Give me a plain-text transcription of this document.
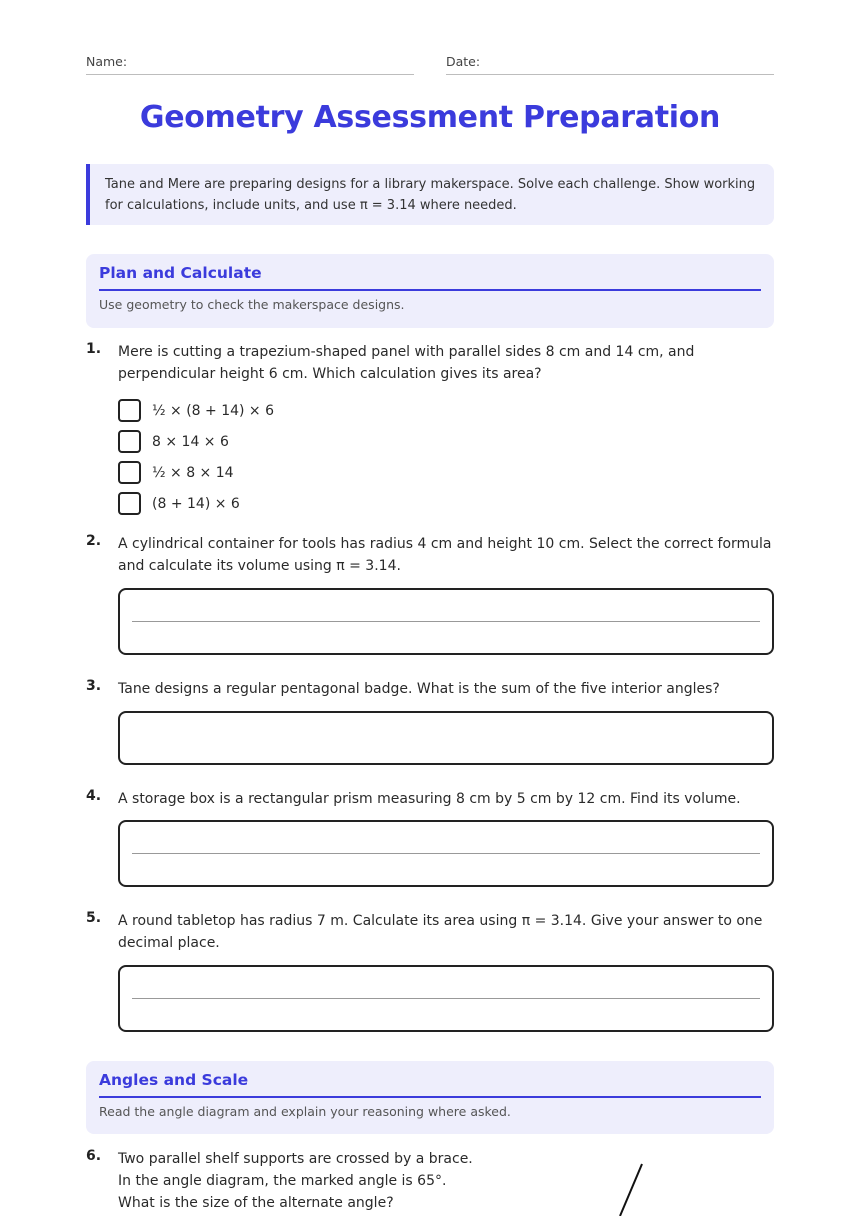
Name:	Date:
Geometry Assessment Preparation
Tane and Mere are preparing designs for a library makerspace. Solve each challenge. Show working for calculations, include units, and use π = 3.14 where needed.
Plan and Calculate
Use geometry to check the makerspace designs.
1. Mere is cutting a trapezium-shaped panel with parallel sides 8 cm and 14 cm, and perpendicular height 6 cm. Which calculation gives its area?
½ × (8 + 14) × 6
8 × 14 × 6
½ × 8 × 14
(8 + 14) × 6
2. A cylindrical container for tools has radius 4 cm and height 10 cm. Select the correct formula and calculate its volume using π = 3.14.
3. Tane designs a regular pentagonal badge. What is the sum of the five interior angles?
4. A storage box is a rectangular prism measuring 8 cm by 5 cm by 12 cm. Find its volume.
5. A round tabletop has radius 7 m. Calculate its area using π = 3.14. Give your answer to one decimal place.
Angles and Scale
Read the angle diagram and explain your reasoning where asked.
6. Two parallel shelf supports are crossed by a brace. In the angle diagram, the marked angle is 65°. What is the size of the alternate angle?
